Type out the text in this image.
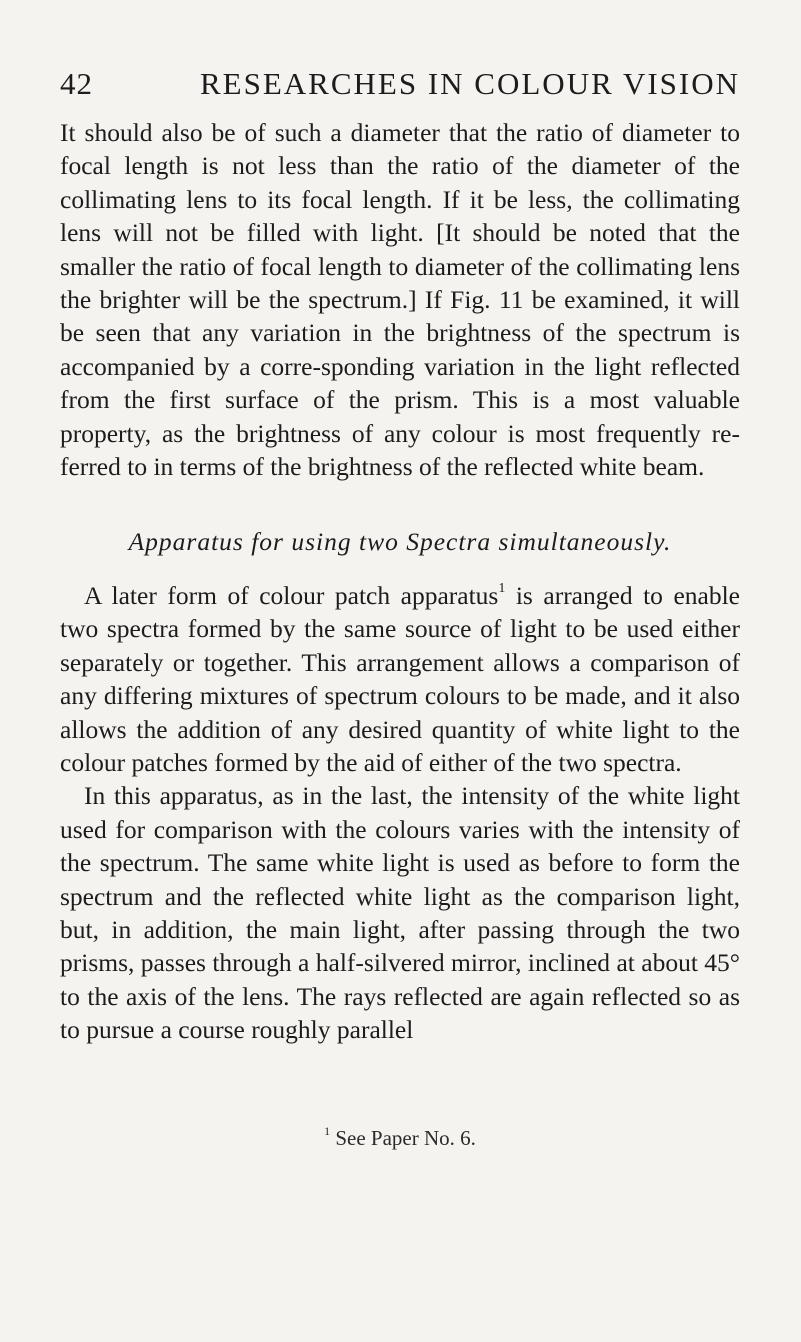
42	RESEARCHES IN COLOUR VISION

It should also be of such a diameter that the ratio of diameter to focal length is not less than the ratio of the diameter of the collimating lens to its focal length. If it be less, the collimating lens will not be filled with light. [It should be noted that the smaller the ratio of focal length to diameter of the collimating lens the brighter will be the spectrum.] If Fig. 11 be examined, it will be seen that any variation in the brightness of the spectrum is accompanied by a corre-sponding variation in the light reflected from the first surface of the prism. This is a most valuable property, as the brightness of any colour is most frequently re-ferred to in terms of the brightness of the reflected white beam.

Apparatus for using two Spectra simultaneously.

A later form of colour patch apparatus$^1$ is arranged to enable two spectra formed by the same source of light to be used either separately or together. This arrangement allows a comparison of any differing mixtures of spectrum colours to be made, and it also allows the addition of any desired quantity of white light to the colour patches formed by the aid of either of the two spectra.

In this apparatus, as in the last, the intensity of the white light used for comparison with the colours varies with the intensity of the spectrum. The same white light is used as before to form the spectrum and the reflected white light as the comparison light, but, in addition, the main light, after passing through the two prisms, passes through a half-silvered mirror, inclined at about 45° to the axis of the lens. The rays reflected are again reflected so as to pursue a course roughly parallel

$^1$ See Paper No. 6.
